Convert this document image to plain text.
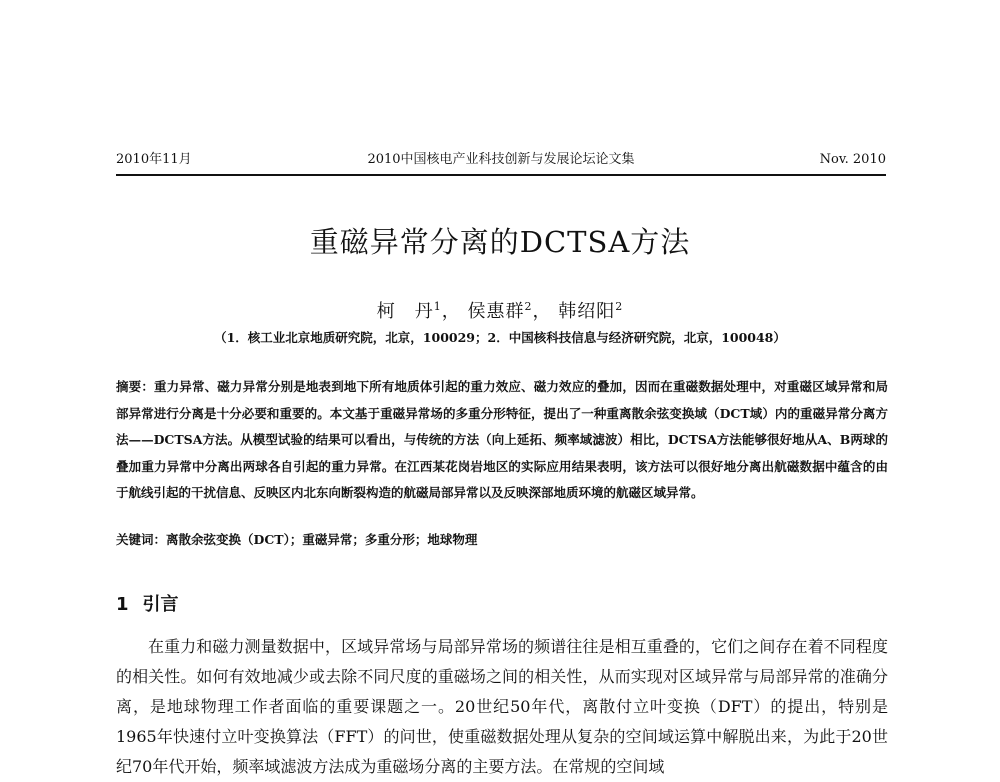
2010年11月	2010中国核电产业科技创新与发展论坛论文集	Nov. 2010
重磁异常分离的DCTSA方法
柯　丹$^1$， 侯惠群$^2$， 韩绍阳$^2$
（1．核工业北京地质研究院，北京，100029；2．中国核科技信息与经济研究院，北京，100048）
摘要：重力异常、磁力异常分别是地表到地下所有地质体引起的重力效应、磁力效应的叠加，因而在重磁数据处理中，对重磁区域异常和局部异常进行分离是十分必要和重要的。本文基于重磁异常场的多重分形特征，提出了一种重离散余弦变换域（DCT域）内的重磁异常分离方法——DCTSA方法。从模型试验的结果可以看出，与传统的方法（向上延拓、频率域滤波）相比，DCTSA方法能够很好地从A、B两球的叠加重力异常中分离出两球各自引起的重力异常。在江西某花岗岩地区的实际应用结果表明，该方法可以很好地分离出航磁数据中蕴含的由于航线引起的干扰信息、反映区内北东向断裂构造的航磁局部异常以及反映深部地质环境的航磁区域异常。
关键词：离散余弦变换（DCT）；重磁异常；多重分形；地球物理
1 引言
在重力和磁力测量数据中，区域异常场与局部异常场的频谱往往是相互重叠的，它们之间存在着不同程度的相关性。如何有效地减少或去除不同尺度的重磁场之间的相关性，从而实现对区域异常与局部异常的准确分离，是地球物理工作者面临的重要课题之一。20世纪50年代，离散付立叶变换（DFT）的提出，特别是1965年快速付立叶变换算法（FFT）的问世，使重磁数据处理从复杂的空间域运算中解脱出来，为此于20世纪70年代开始，频率域滤波方法成为重磁场分离的主要方法。在常规的空间域
